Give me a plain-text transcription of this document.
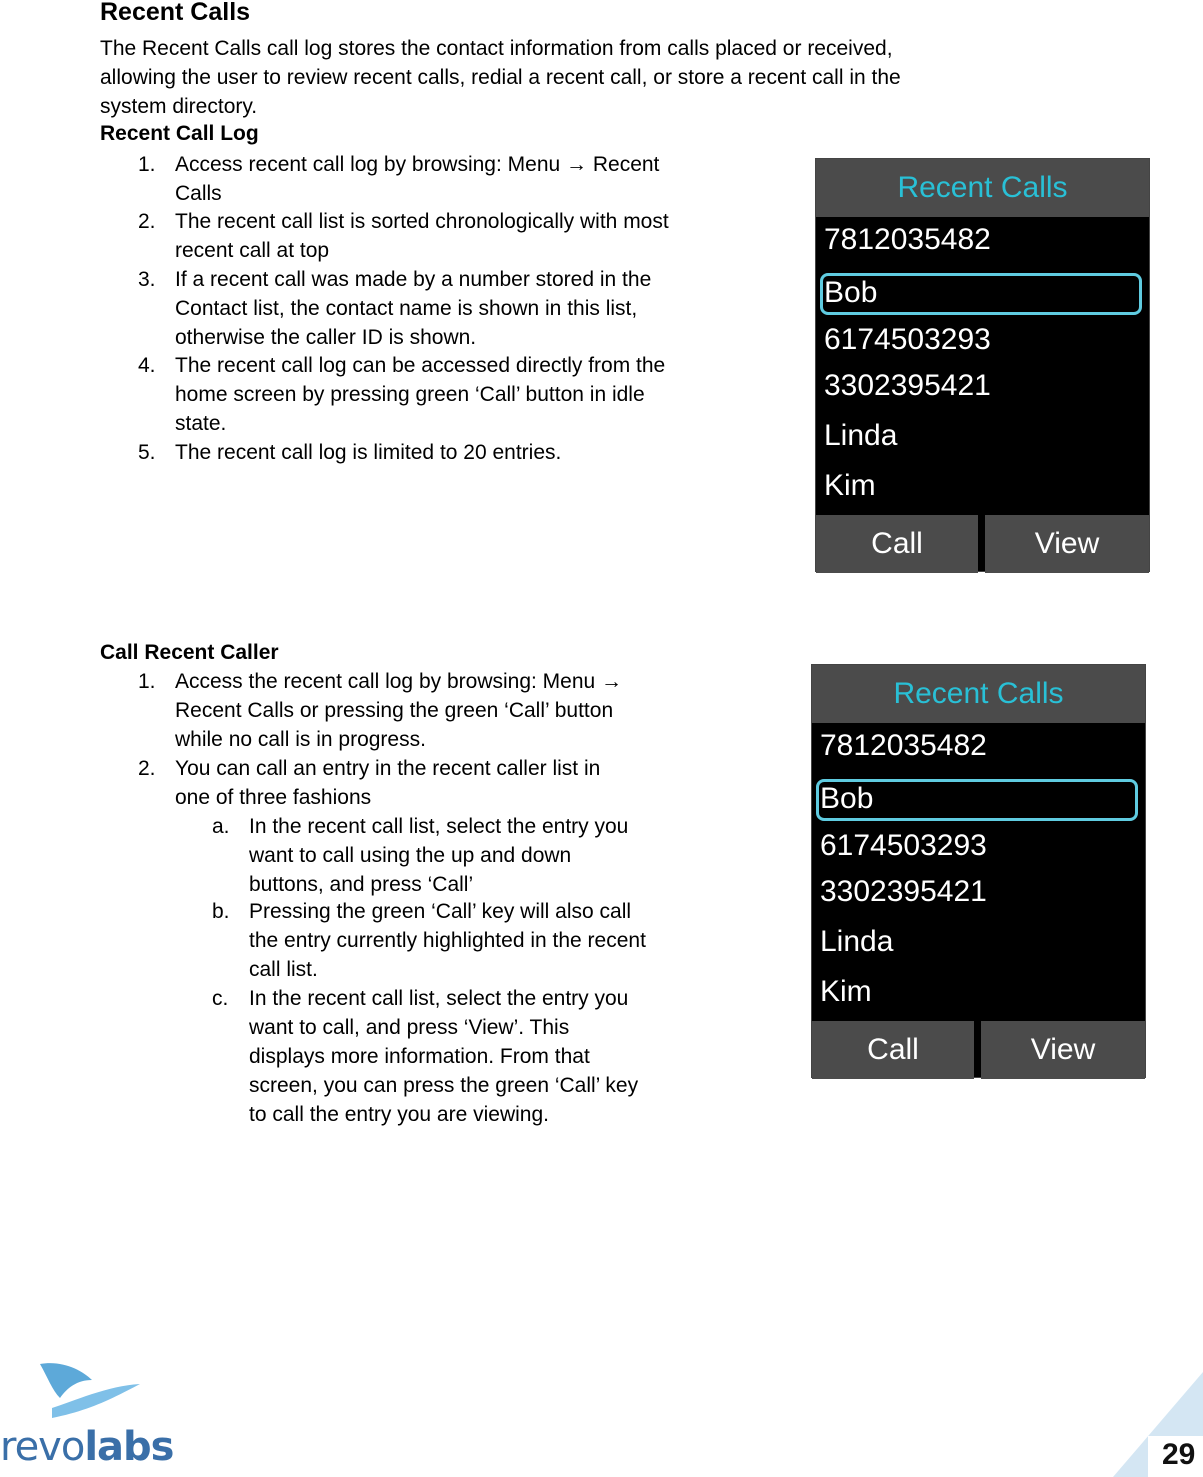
Recent Calls
The Recent Calls call log stores the contact information from calls placed or received,
allowing the user to review recent calls, redial a recent call, or store a recent call in the
system directory.
Recent Call Log
1. Access recent call log by browsing: Menu → Recent
Calls
2. The recent call list is sorted chronologically with most
recent call at top
3. If a recent call was made by a number stored in the
Contact list, the contact name is shown in this list,
otherwise the caller ID is shown.
4. The recent call log can be accessed directly from the
home screen by pressing green ‘Call’ button in idle
state.
5. The recent call log is limited to 20 entries.
Recent Calls
7812035482
Bob
6174503293
3302395421
Linda
Kim
Call	View
Call Recent Caller
1. Access the recent call log by browsing: Menu →
Recent Calls or pressing the green ‘Call’ button
while no call is in progress.
2. You can call an entry in the recent caller list in
one of three fashions
a. In the recent call list, select the entry you
want to call using the up and down
buttons, and press ‘Call’
b. Pressing the green ‘Call’ key will also call
the entry currently highlighted in the recent
call list.
c. In the recent call list, select the entry you
want to call, and press ‘View’. This
displays more information. From that
screen, you can press the green ‘Call’ key
to call the entry you are viewing.
Recent Calls
7812035482
Bob
6174503293
3302395421
Linda
Kim
Call	View
revolabs	29
